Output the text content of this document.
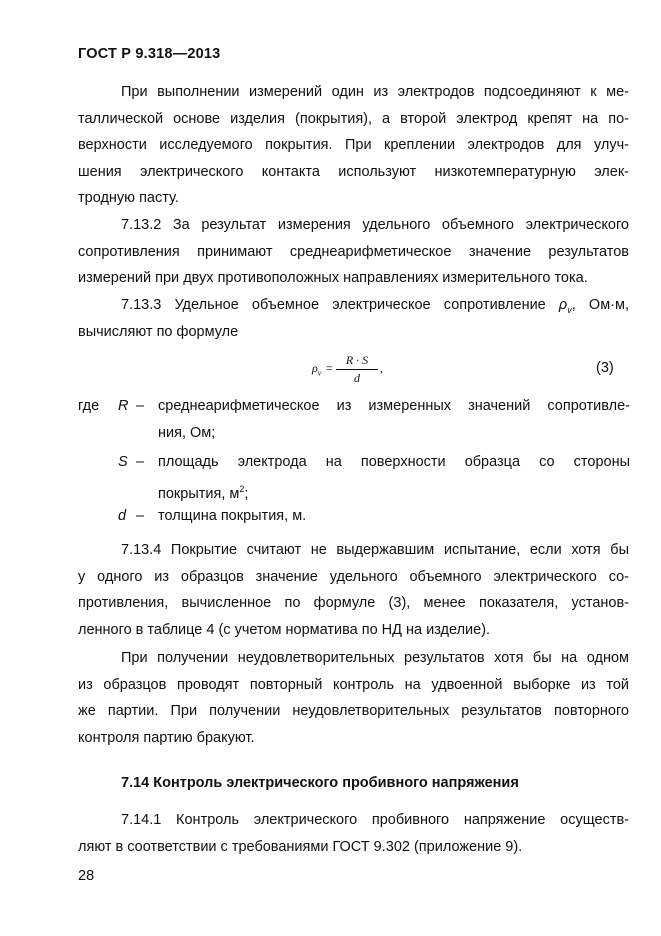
ГОСТ Р 9.318—2013
При выполнении измерений один из электродов подсоединяют к ме-
таллической основе изделия (покрытия), а второй электрод крепят на по-
верхности исследуемого покрытия. При креплении электродов для улуч-
шения электрического контакта используют низкотемпературную элек-
тродную пасту.
7.13.2 За результат измерения удельного объемного электрического
сопротивления принимают среднеарифметическое значение результатов
измерений при двух противоположных направлениях измерительного тока.
7.13.3 Удельное объемное электрическое сопротивление $\rho_v$, Ом·м,
вычисляют по формуле
$\rho_v$ =
R · S
d
,	(3)
где R – среднеарифметическое из измеренных значений сопротивле-
ния, Ом;
S – площадь электрода на поверхности образца со стороны
покрытия, $м^2$;
d – толщина покрытия, м.
7.13.4 Покрытие считают не выдержавшим испытание, если хотя бы
у одного из образцов значение удельного объемного электрического со-
противления, вычисленное по формуле (3), менее показателя, установ-
ленного в таблице 4 (с учетом норматива по НД на изделие).
При получении неудовлетворительных результатов хотя бы на одном
из образцов проводят повторный контроль на удвоенной выборке из той
же партии. При получении неудовлетворительных результатов повторного
контроля партию бракуют.
7.14 Контроль электрического пробивного напряжения
7.14.1 Контроль электрического пробивного напряжение осуществ-
ляют в соответствии с требованиями ГОСТ 9.302 (приложение 9).
28
